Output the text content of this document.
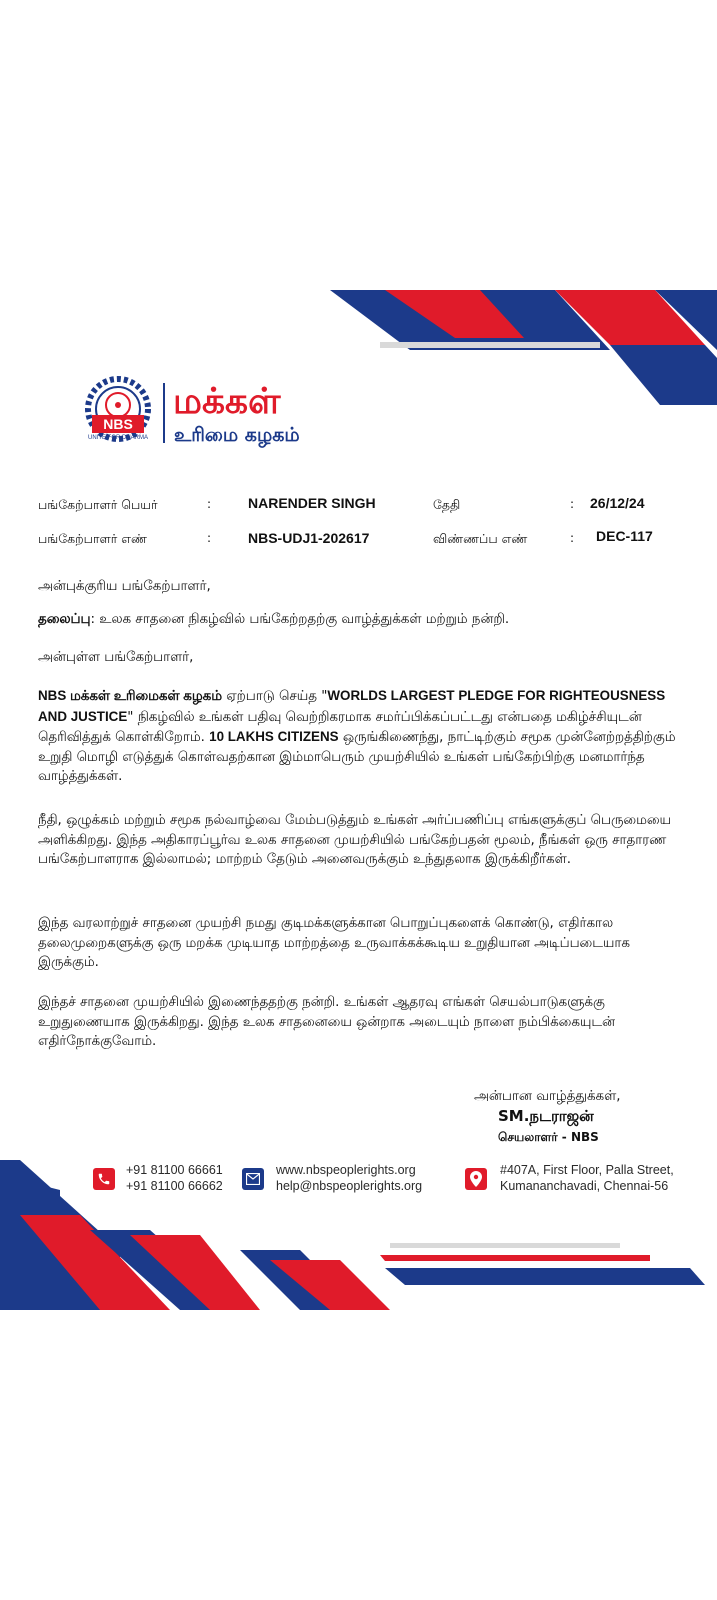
மக்கள்
உரிமை கழகம்
NBS
UNITE FOR DHARMA
பங்கேற்பாளர் பெயர்	:	NARENDER SINGH	தேதி	: 26/12/24
பங்கேற்பாளர் எண்	:	NBS-UDJ1-202617	விண்ணப்ப எண்	: DEC-117
அன்புக்குரிய பங்கேற்பாளர்,
தலைப்பு: உலக சாதனை நிகழ்வில் பங்கேற்றதற்கு வாழ்த்துக்கள் மற்றும் நன்றி.
அன்புள்ள பங்கேற்பாளர்,
NBS மக்கள் உரிமைகள் கழகம் ஏற்பாடு செய்த "WORLDS LARGEST PLEDGE FOR RIGHTEOUSNESS AND JUSTICE" நிகழ்வில் உங்கள் பதிவு வெற்றிகரமாக சமர்ப்பிக்கப்பட்டது என்பதை மகிழ்ச்சியுடன் தெரிவித்துக் கொள்கிறோம். 10 LAKHS CITIZENS ஒருங்கிணைந்து, நாட்டிற்கும் சமூக முன்னேற்றத்திற்கும் உறுதி மொழி எடுத்துக் கொள்வதற்கான இம்மாபெரும் முயற்சியில் உங்கள் பங்கேற்பிற்கு மனமார்ந்த வாழ்த்துக்கள்.
நீதி, ஒழுக்கம் மற்றும் சமூக நல்வாழ்வை மேம்படுத்தும் உங்கள் அர்ப்பணிப்பு எங்களுக்குப் பெருமையை அளிக்கிறது. இந்த அதிகாரப்பூர்வ உலக சாதனை முயற்சியில் பங்கேற்பதன் மூலம், நீங்கள் ஒரு சாதாரண பங்கேற்பாளராக இல்லாமல்; மாற்றம் தேடும் அனைவருக்கும் உந்துதலாக இருக்கிறீர்கள்.
இந்த வரலாற்றுச் சாதனை முயற்சி நமது குடிமக்களுக்கான பொறுப்புகளைக் கொண்டு, எதிர்கால தலைமுறைகளுக்கு ஒரு மறக்க முடியாத மாற்றத்தை உருவாக்கக்கூடிய உறுதியான அடிப்படையாக இருக்கும்.
இந்தச் சாதனை முயற்சியில் இணைந்ததற்கு நன்றி. உங்கள் ஆதரவு எங்கள் செயல்பாடுகளுக்கு உறுதுணையாக இருக்கிறது. இந்த உலக சாதனையை ஒன்றாக அடையும் நாளை நம்பிக்கையுடன் எதிர்நோக்குவோம்.
அன்பான வாழ்த்துக்கள்,
SM.நடராஜன்
செயலாளர் - NBS
+91 81100 66661
+91 81100 66662
www.nbspeoplerights.org
help@nbspeoplerights.org
#407A, First Floor, Palla Street,
Kumananchavadi, Chennai-56
